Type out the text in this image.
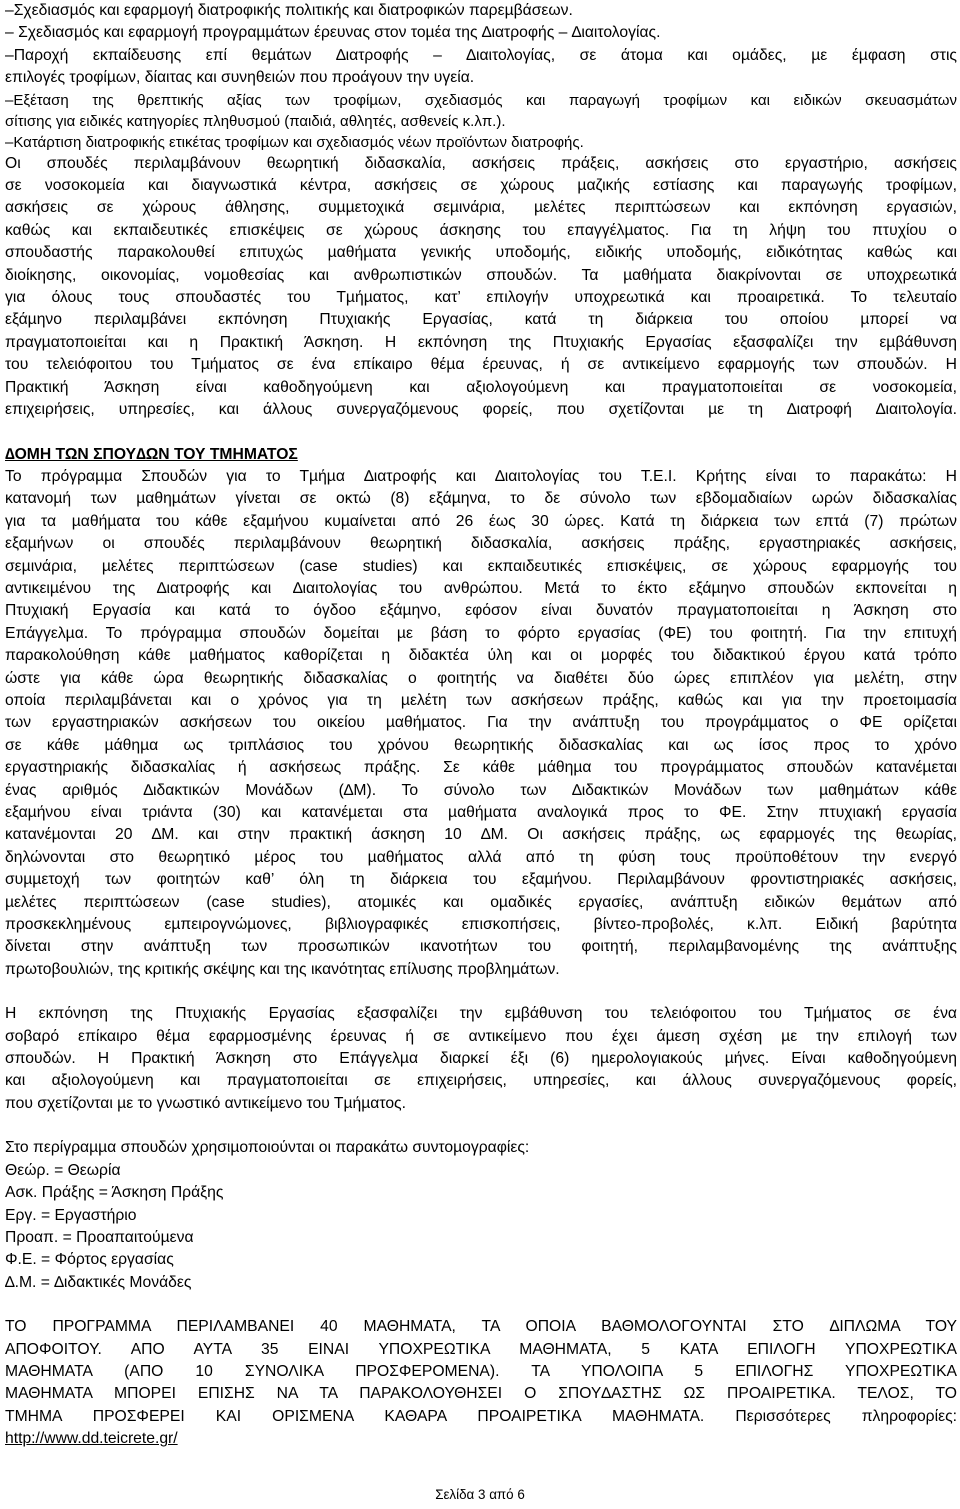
–Σχεδιασµός και εφαρµογή διατροφικής πολιτικής και διατροφικών παρεµβάσεων.

– Σχεδιασµός και εφαρµογή προγραµµάτων έρευνας στον τοµέα της ∆ιατροφής – ∆ιαιτολογίας.

–Παροχή εκπαίδευσης επί θεµάτων ∆ιατροφής – ∆ιαιτολογίας, σε άτοµα και οµάδες, µε έµφαση στις

επιλογές τροφίµων, δίαιτας και συνηθειών που προάγουν την υγεία.

–Εξέταση της θρεπτικής αξίας των τροφίµων, σχεδιασµός και παραγωγή τροφίµων και ειδικών σκευασµάτων

σίτισης για ειδικές κατηγορίες πληθυσµού (παιδιά, αθλητές, ασθενείς κ.λπ.).

–Κατάρτιση διατροφικής ετικέτας τροφίµων και σχεδιασµός νέων προϊόντων διατροφής.

Οι σπουδές περιλαµβάνουν θεωρητική διδασκαλία, ασκήσεις πράξεις, ασκήσεις στο εργαστήριο, ασκήσεις

σε νοσοκοµεία και διαγνωστικά κέντρα, ασκήσεις σε χώρους µαζικής εστίασης και παραγωγής τροφίµων,

ασκήσεις σε χώρους άθλησης, συµµετοχικά σεµινάρια, µελέτες περιπτώσεων και εκπόνηση εργασιών,

καθώς και εκπαιδευτικές επισκέψεις σε χώρους άσκησης του επαγγέλµατος. Για τη λήψη του πτυχίου ο

σπουδαστής παρακολουθεί επιτυχώς µαθήµατα γενικής υποδοµής, ειδικής υποδοµής, ειδικότητας καθώς και

διοίκησης, οικονοµίας, νοµοθεσίας και ανθρωπιστικών σπουδών. Τα µαθήµατα διακρίνονται σε υποχρεωτικά

για όλους τους σπουδαστές του Τµήµατος, κατ’ επιλογήν υποχρεωτικά και προαιρετικά. Το τελευταίο

εξάµηνο περιλαµβάνει εκπόνηση Πτυχιακής Εργασίας, κατά τη διάρκεια του οποίου µπορεί να

πραγµατοποιείται και η Πρακτική Άσκηση. Η εκπόνηση της Πτυχιακής Εργασίας εξασφαλίζει την εµβάθυνση

του τελειόφοιτου του Τµήµατος σε ένα επίκαιρο θέµα έρευνας, ή σε αντικείµενο εφαρµογής των σπουδών. Η

Πρακτική Άσκηση είναι καθοδηγούµενη και αξιολογούµενη και πραγµατοποιείται σε νοσοκοµεία,

επιχειρήσεις, υπηρεσίες, και άλλους συνεργαζόµενους φορείς, που σχετίζονται µε τη ∆ιατροφή ∆ιαιτολογία.

∆ΟΜΗ ΤΩΝ ΣΠΟΥ∆ΩΝ ΤΟΥ ΤΜΗΜΑΤΟΣ

Το πρόγραµµα Σπουδών για το Τµήµα ∆ιατροφής και ∆ιαιτολογίας του Τ.Ε.Ι. Κρήτης είναι το παρακάτω: Η

κατανοµή των µαθηµάτων γίνεται σε οκτώ (8) εξάµηνα, το δε σύνολο των εβδοµαδιαίων ωρών διδασκαλίας

για τα µαθήµατα του κάθε εξαµήνου κυµαίνεται από 26 έως 30 ώρες. Κατά τη διάρκεια των επτά (7) πρώτων

εξαµήνων οι σπουδές περιλαµβάνουν θεωρητική διδασκαλία, ασκήσεις πράξης, εργαστηριακές ασκήσεις,

σεµινάρια, µελέτες περιπτώσεων (case studies) και εκπαιδευτικές επισκέψεις, σε χώρους εφαρµογής του

αντικειµένου της ∆ιατροφής και ∆ιαιτολογίας του ανθρώπου. Μετά το έκτο εξάµηνο σπουδών εκπονείται η

Πτυχιακή Εργασία και κατά το όγδοο εξάµηνο, εφόσον είναι δυνατόν πραγµατοποιείται η Άσκηση στο

Επάγγελµα. Το πρόγραµµα σπουδών δοµείται µε βάση το φόρτο εργασίας (ΦΕ) του φοιτητή. Για την επιτυχή

παρακολούθηση κάθε µαθήµατος καθορίζεται η διδακτέα ύλη και οι µορφές του διδακτικού έργου κατά τρόπο

ώστε για κάθε ώρα θεωρητικής διδασκαλίας ο φοιτητής να διαθέτει δύο ώρες επιπλέον για µελέτη, στην

οποία περιλαµβάνεται και ο χρόνος για τη µελέτη των ασκήσεων πράξης, καθώς και για την προετοιµασία

των εργαστηριακών ασκήσεων του οικείου µαθήµατος. Για την ανάπτυξη του προγράµµατος ο ΦΕ ορίζεται

σε κάθε µάθηµα ως τριπλάσιος του χρόνου θεωρητικής διδασκαλίας και ως ίσος προς το χρόνο

εργαστηριακής διδασκαλίας ή ασκήσεως πράξης. Σε κάθε µάθηµα του προγράµµατος σπουδών κατανέµεται

ένας αριθµός ∆ιδακτικών Μονάδων (∆Μ). Το σύνολο των ∆ιδακτικών Μονάδων των µαθηµάτων κάθε

εξαµήνου είναι τριάντα (30) και κατανέµεται στα µαθήµατα αναλογικά προς το ΦΕ. Στην πτυχιακή εργασία

κατανέµονται 20 ∆Μ. και στην πρακτική άσκηση 10 ∆Μ. Οι ασκήσεις πράξης, ως εφαρµογές της θεωρίας,

δηλώνονται στο θεωρητικό µέρος του µαθήµατος αλλά από τη φύση τους προϋποθέτουν την ενεργό

συµµετοχή των φοιτητών καθ’ όλη τη διάρκεια του εξαµήνου. Περιλαµβάνουν φροντιστηριακές ασκήσεις,

µελέτες περιπτώσεων (case studies), ατοµικές και οµαδικές εργασίες, ανάπτυξη ειδικών θεµάτων από

προσκεκλημένους εµπειρογνώµονες, βιβλιογραφικές επισκοπήσεις, βίντεο-προβολές, κ.λπ. Ειδική βαρύτητα

δίνεται στην ανάπτυξη των προσωπικών ικανοτήτων του φοιτητή, περιλαµβανοµένης της ανάπτυξης

πρωτοβουλιών, της κριτικής σκέψης και της ικανότητας επίλυσης προβληµάτων.

Η εκπόνηση της Πτυχιακής Εργασίας εξασφαλίζει την εµβάθυνση του τελειόφοιτου του Τµήµατος σε ένα

σοβαρό επίκαιρο θέµα εφαρµοσµένης έρευνας ή σε αντικείµενο που έχει άµεση σχέση µε την επιλογή των

σπουδών. Η Πρακτική Άσκηση στο Επάγγελµα διαρκεί έξι (6) ηµερολογιακούς µήνες. Είναι καθοδηγούµενη

και αξιολογούµενη και πραγµατοποιείται σε επιχειρήσεις, υπηρεσίες, και άλλους συνεργαζόµενους φορείς,

που σχετίζονται µε το γνωστικό αντικείµενο του Τµήµατος.

Στο περίγραµµα σπουδών χρησιµοποιούνται οι παρακάτω συντοµογραφίες:

Θεώρ. = Θεωρία

Ασκ. Πράξης = Άσκηση Πράξης

Εργ. = Εργαστήριο

Προαπ. = Προαπαιτούµενα

Φ.Ε. = Φόρτος εργασίας

∆.Μ. = ∆ιδακτικές Μονάδες

ΤΟ ΠΡΟΓΡΑΜΜΑ ΠΕΡΙΛΑΜΒΑΝΕΙ 40 ΜΑΘΗΜΑΤΑ, ΤΑ ΟΠΟΙΑ ΒΑΘΜΟΛΟΓΟΥΝΤΑΙ ΣΤΟ ∆ΙΠΛΩΜΑ ΤΟΥ

ΑΠΟΦΟΙΤΟΥ. ΑΠΟ ΑΥΤΑ 35 ΕΙΝΑΙ ΥΠΟΧΡΕΩΤΙΚΑ ΜΑΘΗΜΑΤΑ, 5 ΚΑΤΑ ΕΠΙΛΟΓΗ ΥΠΟΧΡΕΩΤΙΚΑ

ΜΑΘΗΜΑΤΑ (ΑΠΟ 10 ΣΥΝΟΛΙΚΑ ΠΡΟΣΦΕΡΟΜΕΝΑ). ΤΑ ΥΠΟΛΟΙΠΑ 5 ΕΠΙΛΟΓΗΣ ΥΠΟΧΡΕΩΤΙΚΑ

ΜΑΘΗΜΑΤΑ ΜΠΟΡΕΙ ΕΠΙΣΗΣ ΝΑ ΤΑ ΠΑΡΑΚΟΛΟΥΘΗΣΕΙ Ο ΣΠΟΥ∆ΑΣΤΗΣ ΩΣ ΠΡΟΑΙΡΕΤΙΚΑ. ΤΕΛΟΣ, ΤΟ

ΤΜΗΜΑ ΠΡΟΣΦΕΡΕΙ ΚΑΙ ΟΡΙΣΜΕΝΑ ΚΑΘΑΡΑ ΠΡΟΑΙΡΕΤΙΚΑ ΜΑΘΗΜΑΤΑ. Περισσότερες πληροφορίες:

http://www.dd.teicrete.gr/

Σελίδα 3 από 6
